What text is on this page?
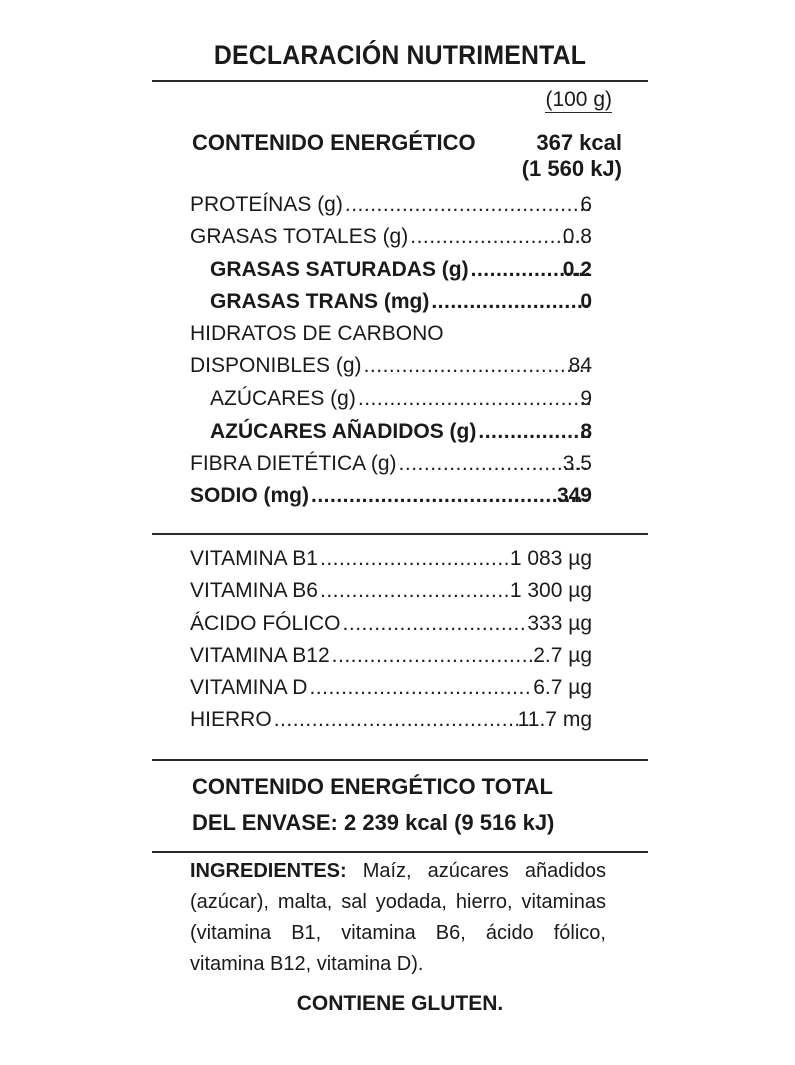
DECLARACIÓN NUTRIMENTAL
(100 g)
CONTENIDO ENERGÉTICO	367 kcal
(1 560 kJ)
PROTEÍNAS (g) .....	6
GRASAS TOTALES (g) .....	0.8
GRASAS SATURADAS (g) .....	0.2
GRASAS TRANS (mg) .....	0
HIDRATOS DE CARBONO
DISPONIBLES (g) .....	84
AZÚCARES (g) .....	9
AZÚCARES AÑADIDOS (g) .....	8
FIBRA DIETÉTICA (g) .....	3.5
SODIO (mg) .....	349
VITAMINA B1 .....	1 083 µg
VITAMINA B6 .....	1 300 µg
ÁCIDO FÓLICO .....	333 µg
VITAMINA B12 .....	2.7 µg
VITAMINA D .....	6.7 µg
HIERRO .....	11.7 mg
CONTENIDO ENERGÉTICO TOTAL
DEL ENVASE: 2 239 kcal (9 516 kJ)
INGREDIENTES: Maíz, azúcares añadidos (azúcar), malta, sal yodada, hierro, vitaminas (vitamina B1, vitamina B6, ácido fólico, vitamina B12, vitamina D).
CONTIENE GLUTEN.
